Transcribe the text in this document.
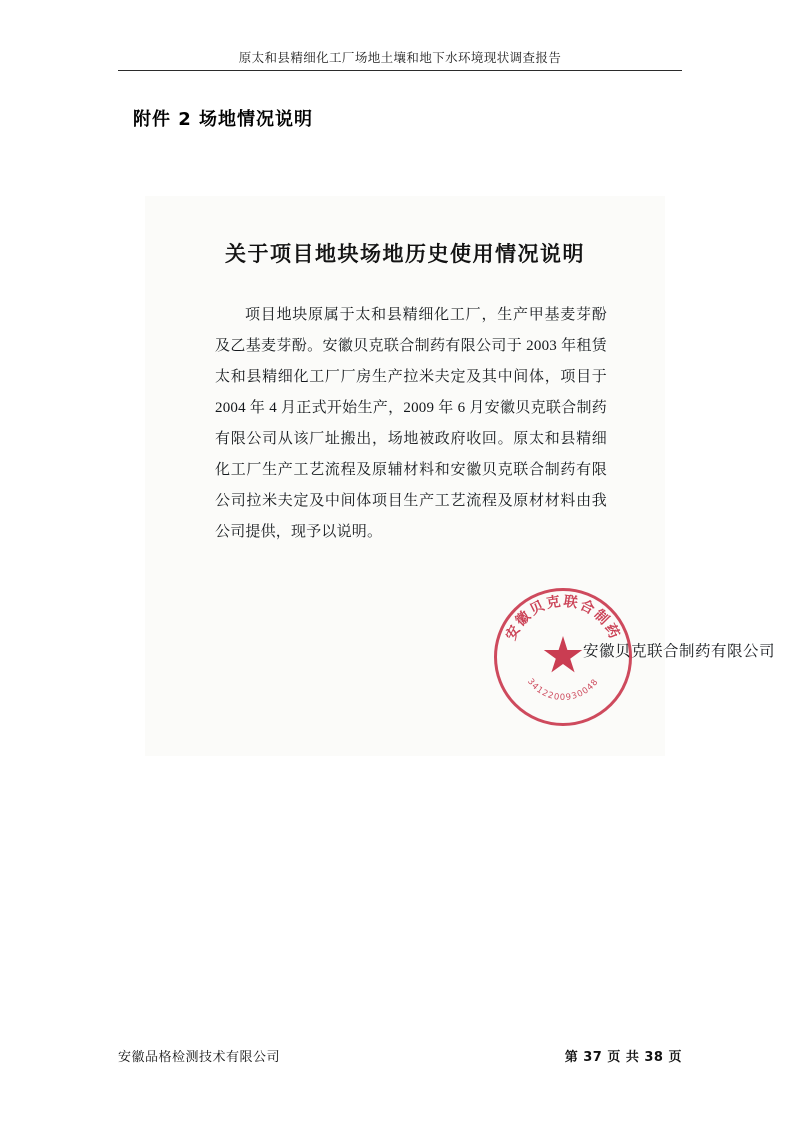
原太和县精细化工厂场地土壤和地下水环境现状调查报告
附件 2 场地情况说明
关于项目地块场地历史使用情况说明
项目地块原属于太和县精细化工厂，生产甲基麦芽酚及乙基麦芽酚。安徽贝克联合制药有限公司于 2003 年租赁太和县精细化工厂厂房生产拉米夫定及其中间体，项目于 2004 年 4 月正式开始生产，2009 年 6 月安徽贝克联合制药有限公司从该厂址搬出，场地被政府收回。原太和县精细化工厂生产工艺流程及原辅材料和安徽贝克联合制药有限公司拉米夫定及中间体项目生产工艺流程及原材材料由我公司提供，现予以说明。
安徽贝克联合制药有限公司
安徽贝克联合制药
3412200930048
安徽品格检测技术有限公司	第 37 页 共 38 页
